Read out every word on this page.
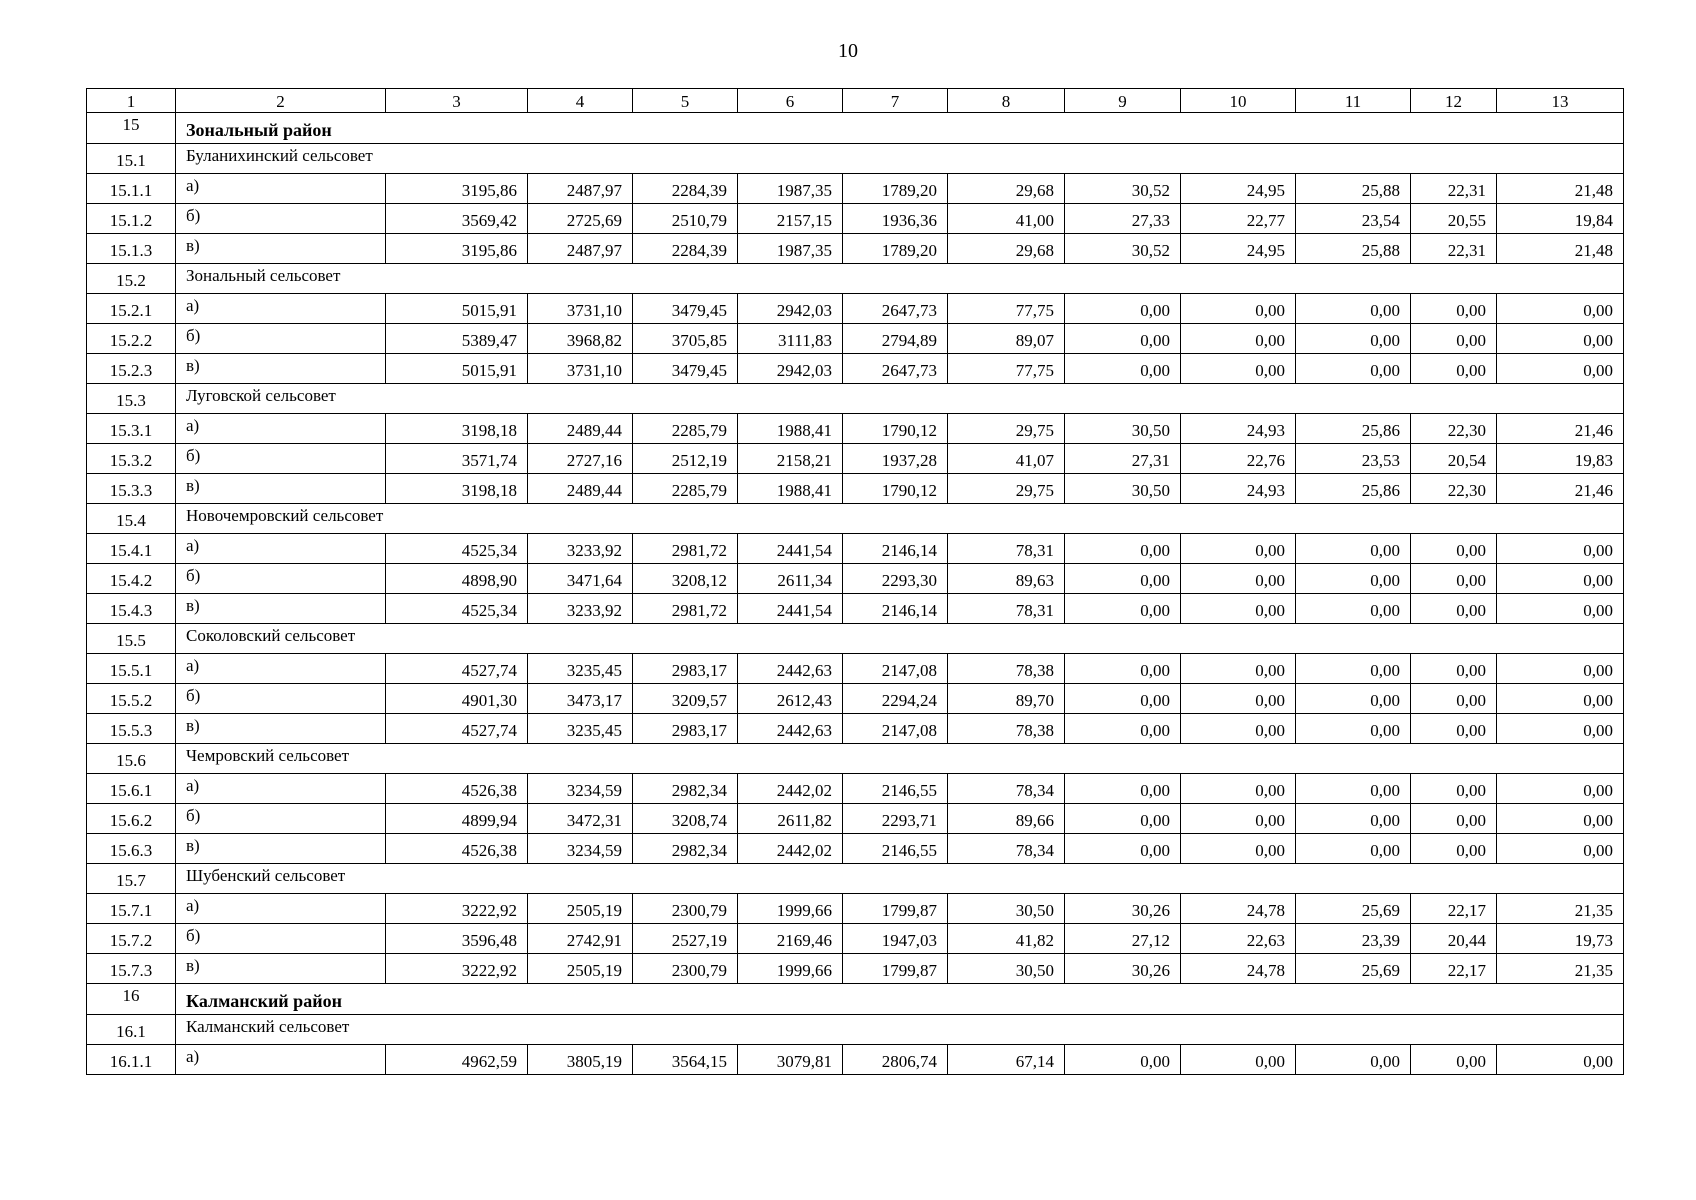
10
1	2	3	4	5	6	7	8	9	10	11	12	13
15	Зональный район											
15.1	Буланихинский сельсовет											
15.1.1	а)	3195,86	2487,97	2284,39	1987,35	1789,20	29,68	30,52	24,95	25,88	22,31	21,48
15.1.2	б)	3569,42	2725,69	2510,79	2157,15	1936,36	41,00	27,33	22,77	23,54	20,55	19,84
15.1.3	в)	3195,86	2487,97	2284,39	1987,35	1789,20	29,68	30,52	24,95	25,88	22,31	21,48
15.2	Зональный сельсовет											
15.2.1	а)	5015,91	3731,10	3479,45	2942,03	2647,73	77,75	0,00	0,00	0,00	0,00	0,00
15.2.2	б)	5389,47	3968,82	3705,85	3111,83	2794,89	89,07	0,00	0,00	0,00	0,00	0,00
15.2.3	в)	5015,91	3731,10	3479,45	2942,03	2647,73	77,75	0,00	0,00	0,00	0,00	0,00
15.3	Луговской сельсовет											
15.3.1	а)	3198,18	2489,44	2285,79	1988,41	1790,12	29,75	30,50	24,93	25,86	22,30	21,46
15.3.2	б)	3571,74	2727,16	2512,19	2158,21	1937,28	41,07	27,31	22,76	23,53	20,54	19,83
15.3.3	в)	3198,18	2489,44	2285,79	1988,41	1790,12	29,75	30,50	24,93	25,86	22,30	21,46
15.4	Новочемровский сельсовет											
15.4.1	а)	4525,34	3233,92	2981,72	2441,54	2146,14	78,31	0,00	0,00	0,00	0,00	0,00
15.4.2	б)	4898,90	3471,64	3208,12	2611,34	2293,30	89,63	0,00	0,00	0,00	0,00	0,00
15.4.3	в)	4525,34	3233,92	2981,72	2441,54	2146,14	78,31	0,00	0,00	0,00	0,00	0,00
15.5	Соколовский сельсовет											
15.5.1	а)	4527,74	3235,45	2983,17	2442,63	2147,08	78,38	0,00	0,00	0,00	0,00	0,00
15.5.2	б)	4901,30	3473,17	3209,57	2612,43	2294,24	89,70	0,00	0,00	0,00	0,00	0,00
15.5.3	в)	4527,74	3235,45	2983,17	2442,63	2147,08	78,38	0,00	0,00	0,00	0,00	0,00
15.6	Чемровский сельсовет											
15.6.1	а)	4526,38	3234,59	2982,34	2442,02	2146,55	78,34	0,00	0,00	0,00	0,00	0,00
15.6.2	б)	4899,94	3472,31	3208,74	2611,82	2293,71	89,66	0,00	0,00	0,00	0,00	0,00
15.6.3	в)	4526,38	3234,59	2982,34	2442,02	2146,55	78,34	0,00	0,00	0,00	0,00	0,00
15.7	Шубенский сельсовет											
15.7.1	а)	3222,92	2505,19	2300,79	1999,66	1799,87	30,50	30,26	24,78	25,69	22,17	21,35
15.7.2	б)	3596,48	2742,91	2527,19	2169,46	1947,03	41,82	27,12	22,63	23,39	20,44	19,73
15.7.3	в)	3222,92	2505,19	2300,79	1999,66	1799,87	30,50	30,26	24,78	25,69	22,17	21,35
16	Калманский район											
16.1	Калманский сельсовет											
16.1.1	а)	4962,59	3805,19	3564,15	3079,81	2806,74	67,14	0,00	0,00	0,00	0,00	0,00
